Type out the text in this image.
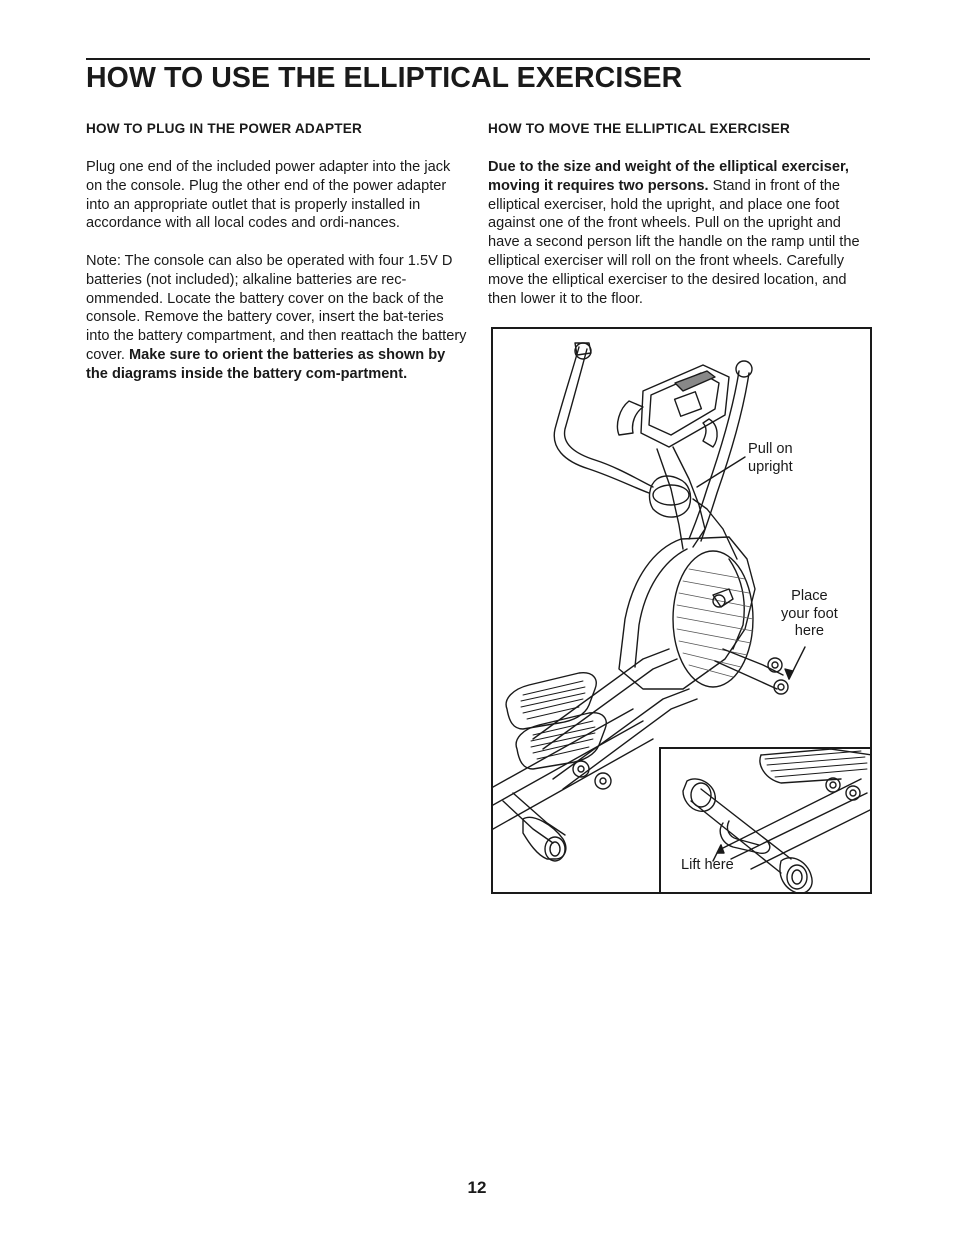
HOW TO USE THE ELLIPTICAL EXERCISER
HOW TO PLUG IN THE POWER ADAPTER

Plug one end of the included power adapter into the jack on the console. Plug the other end of the power adapter into an appropriate outlet that is properly installed in accordance with all local codes and ordi-nances.

Note: The console can also be operated with four 1.5V D batteries (not included); alkaline batteries are rec-ommended. Locate the battery cover on the back of the console. Remove the battery cover, insert the bat-teries into the battery compartment, and then reattach the battery cover. Make sure to orient the batteries as shown by the diagrams inside the battery com-partment.

HOW TO MOVE THE ELLIPTICAL EXERCISER

Due to the size and weight of the elliptical exerciser, moving it requires two persons. Stand in front of the elliptical exerciser, hold the upright, and place one foot against one of the front wheels. Pull on the upright and have a second person lift the handle on the ramp until the elliptical exerciser will roll on the front wheels. Carefully move the elliptical exerciser to the desired location, and then lower it to the floor.

Pull on
upright
Place
your foot
here
Lift here
12
